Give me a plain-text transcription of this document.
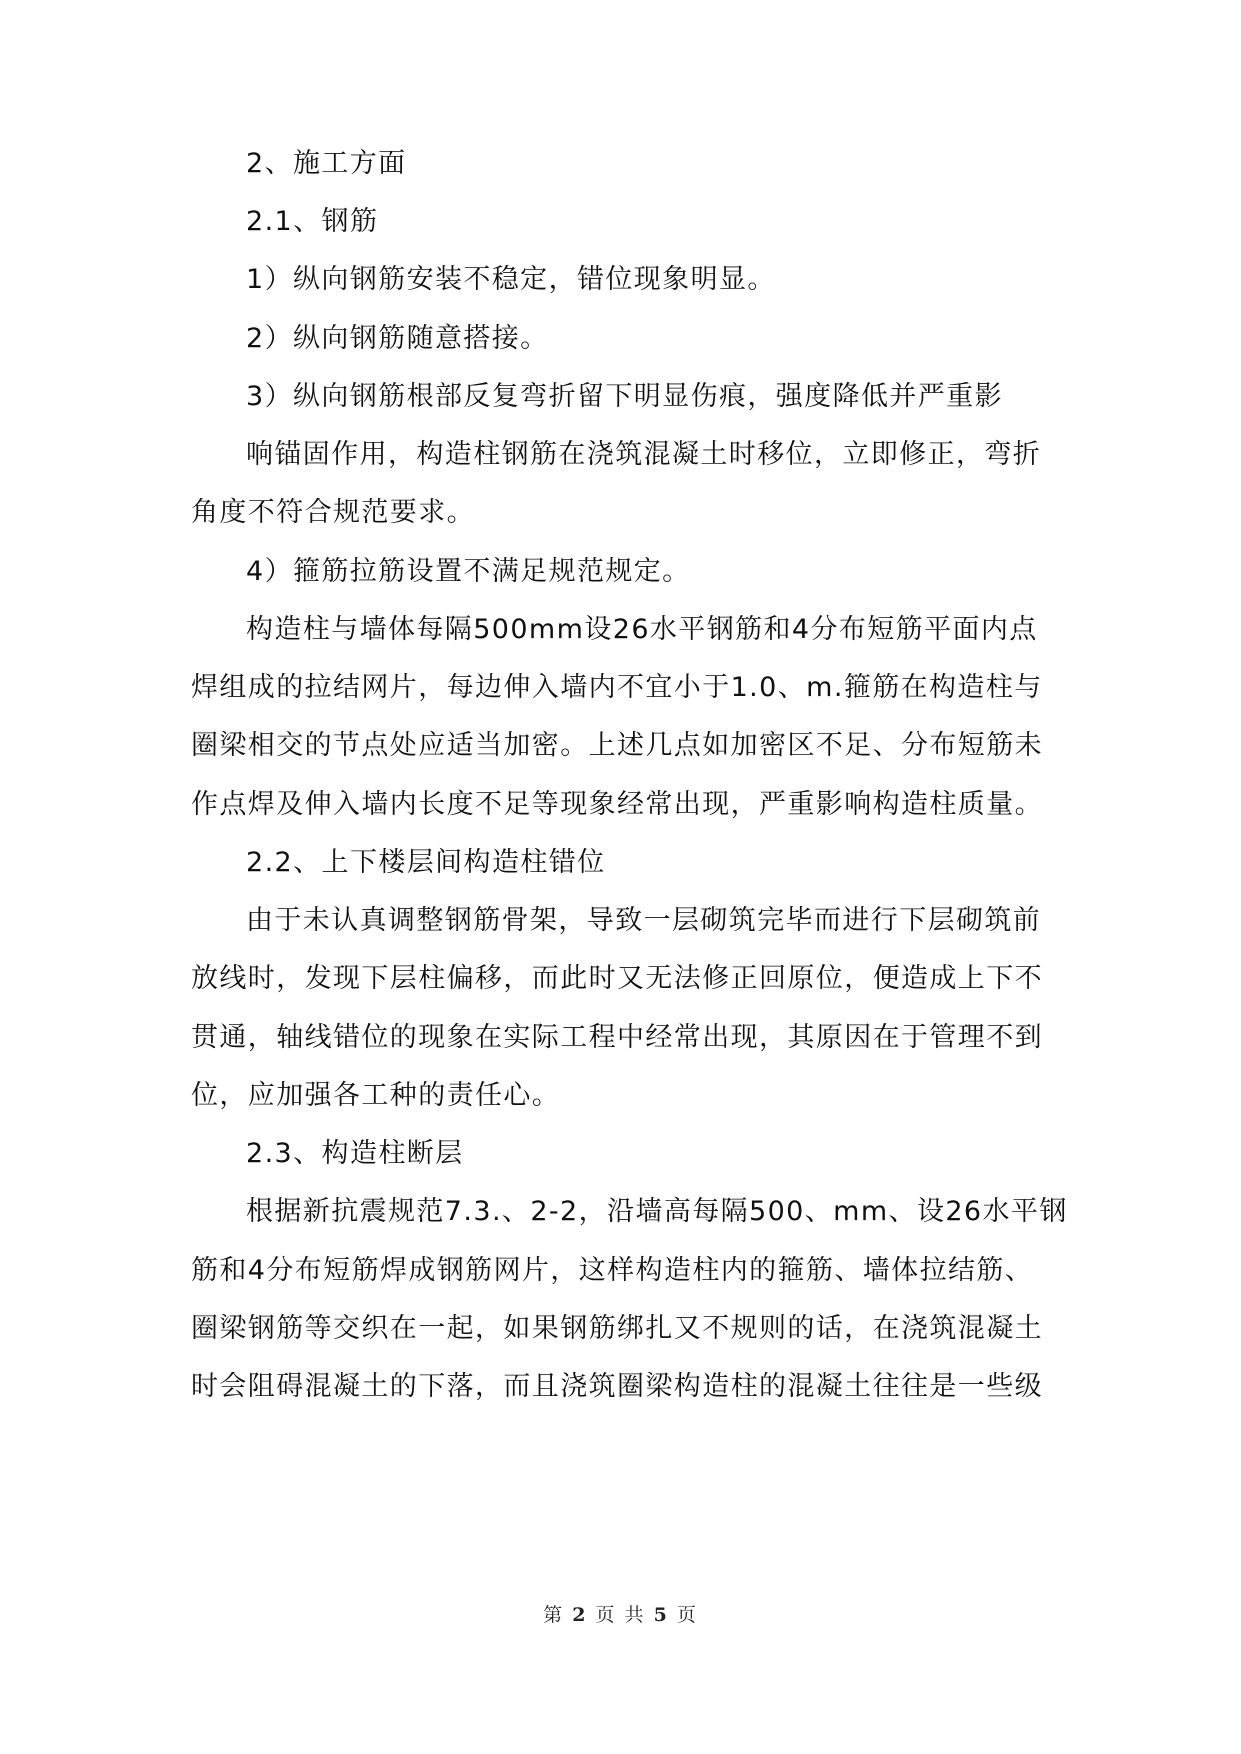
2、施工方面
2.1、钢筋
1）纵向钢筋安装不稳定，错位现象明显。
2）纵向钢筋随意搭接。
3）纵向钢筋根部反复弯折留下明显伤痕，强度降低并严重影
响锚固作用，构造柱钢筋在浇筑混凝土时移位，立即修正，弯折
角度不符合规范要求。
4）箍筋拉筋设置不满足规范规定。
构造柱与墙体每隔500mm设26水平钢筋和4分布短筋平面内点
焊组成的拉结网片，每边伸入墙内不宜小于1.0、m.箍筋在构造柱与
圈梁相交的节点处应适当加密。上述几点如加密区不足、分布短筋未
作点焊及伸入墙内长度不足等现象经常出现，严重影响构造柱质量。
2.2、上下楼层间构造柱错位
由于未认真调整钢筋骨架，导致一层砌筑完毕而进行下层砌筑前
放线时，发现下层柱偏移，而此时又无法修正回原位，便造成上下不
贯通，轴线错位的现象在实际工程中经常出现，其原因在于管理不到
位，应加强各工种的责任心。
2.3、构造柱断层
根据新抗震规范7.3.、2-2，沿墙高每隔500、mm、设26水平钢
筋和4分布短筋焊成钢筋网片，这样构造柱内的箍筋、墙体拉结筋、
圈梁钢筋等交织在一起，如果钢筋绑扎又不规则的话，在浇筑混凝土
时会阻碍混凝土的下落，而且浇筑圈梁构造柱的混凝土往往是一些级
第 2 页 共 5 页
